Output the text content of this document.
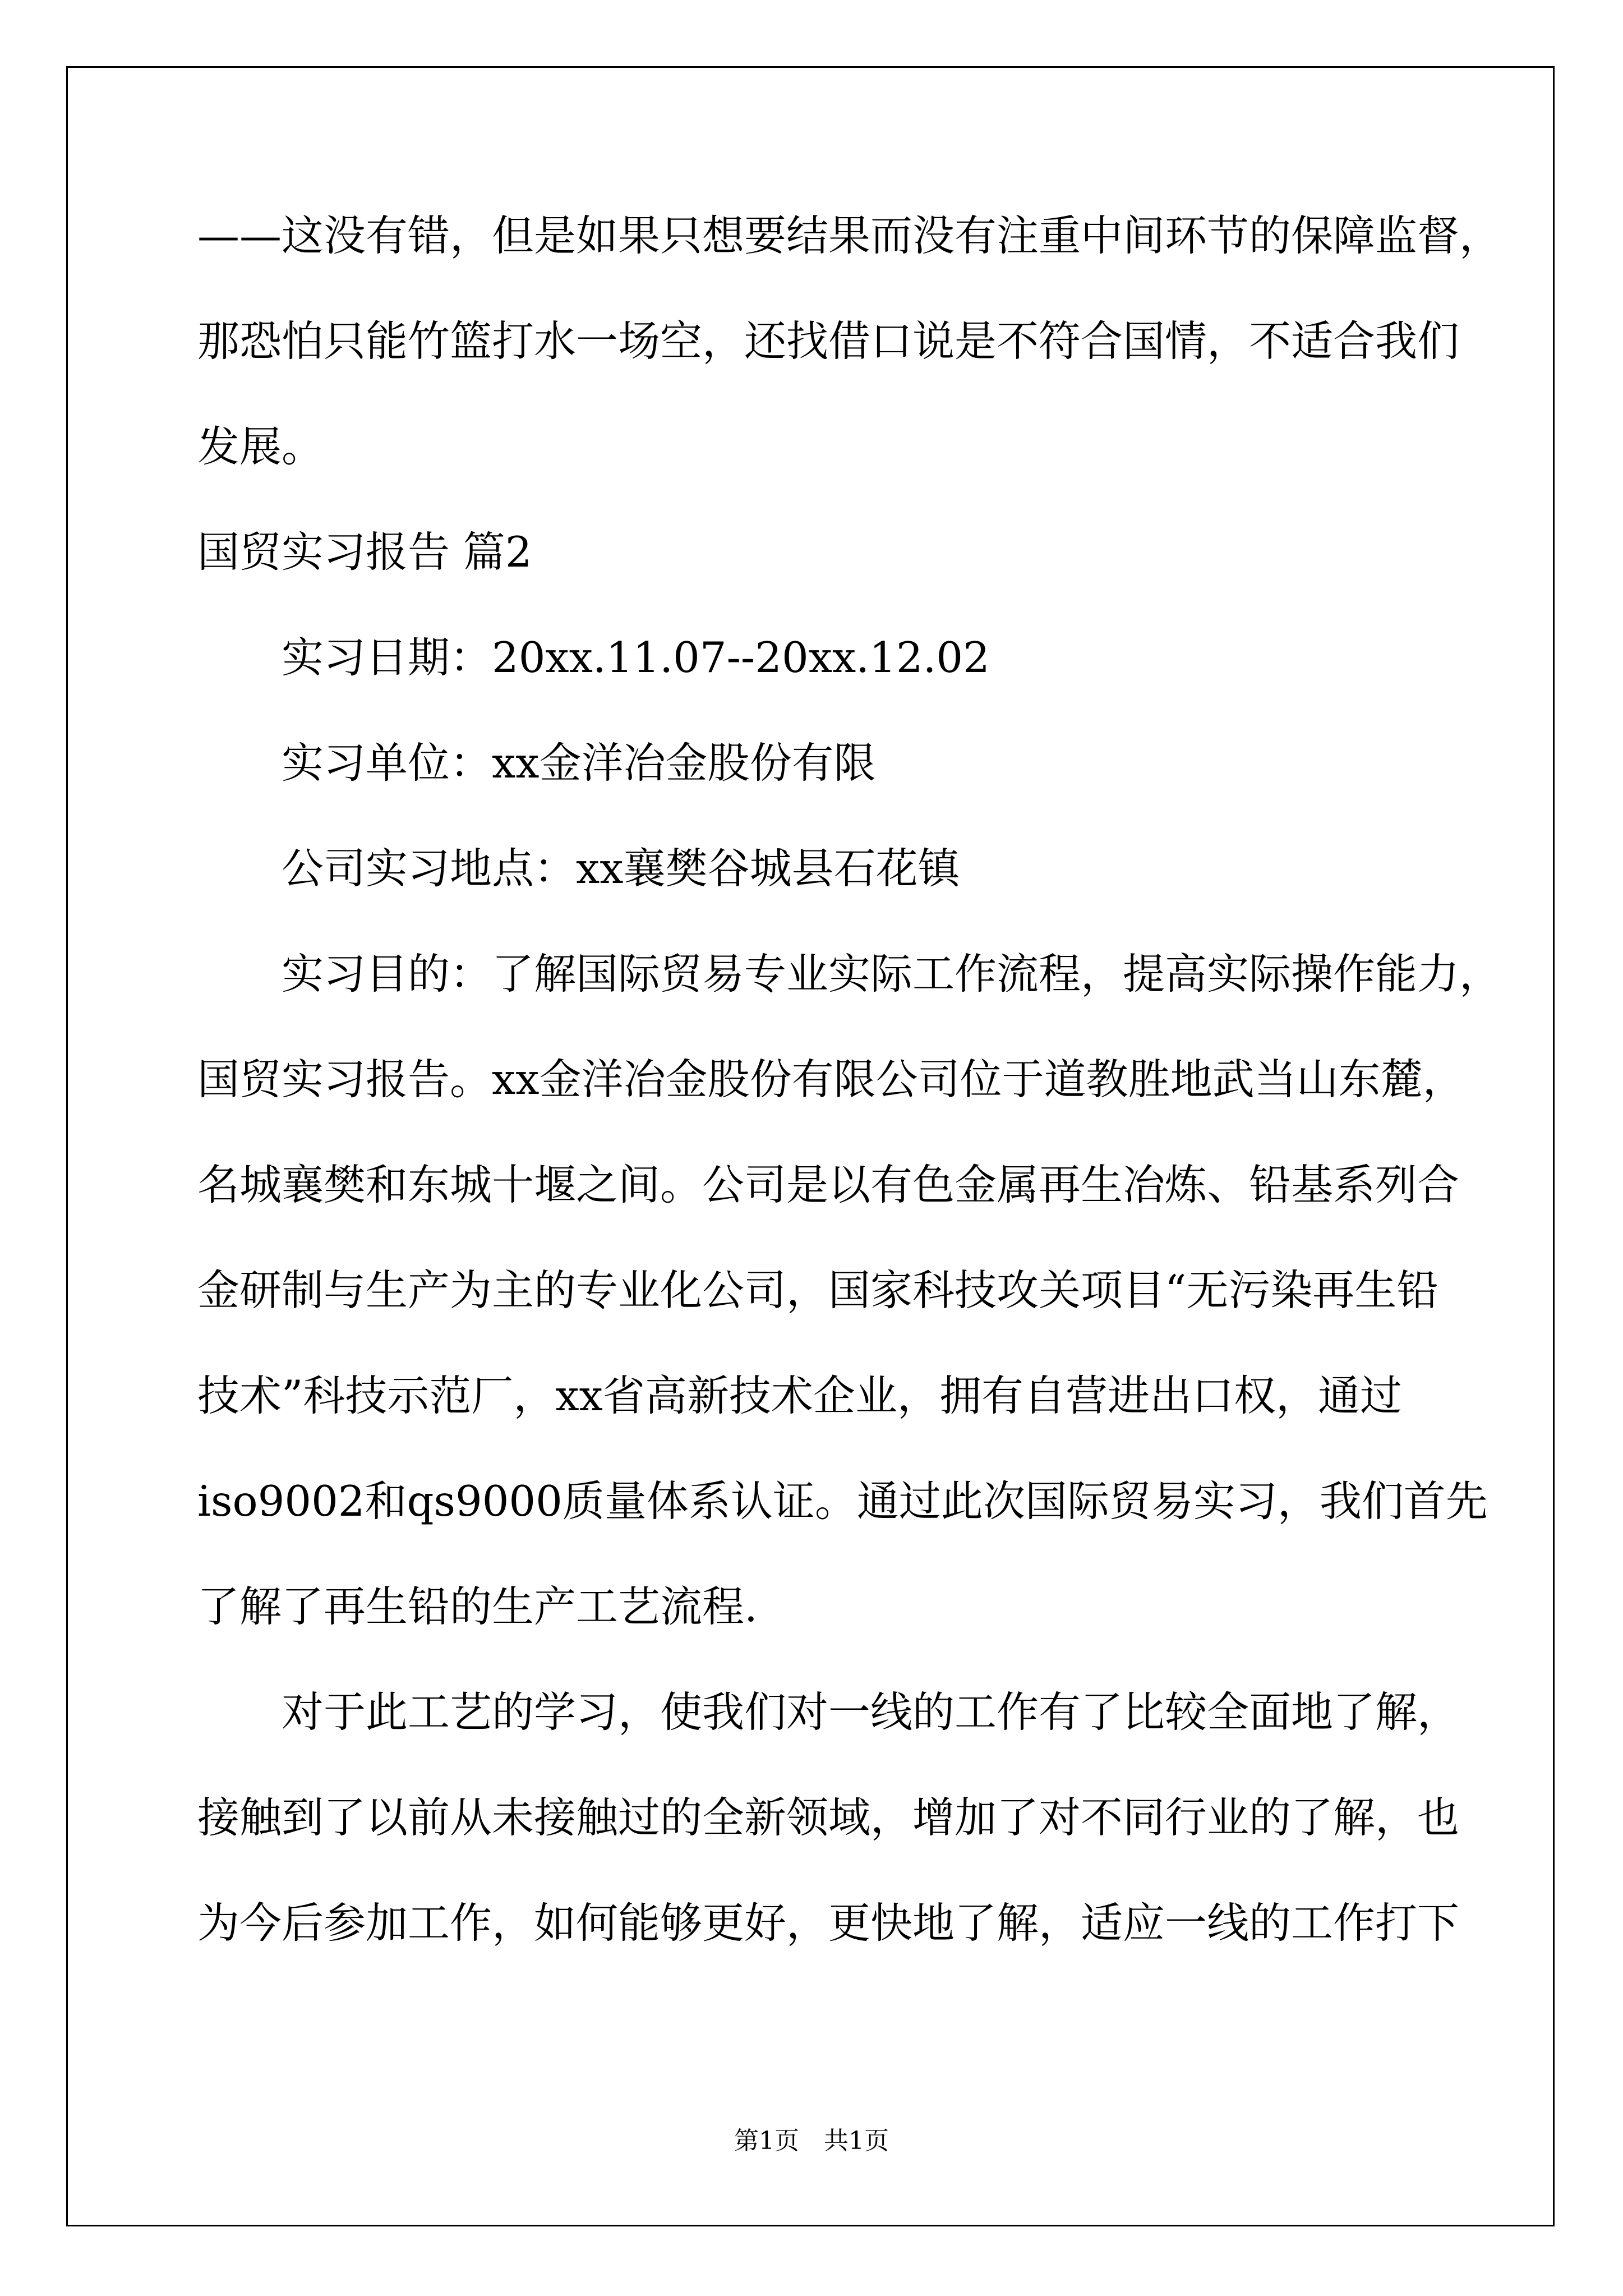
——这没有错，但是如果只想要结果而没有注重中间环节的保障监督，
那恐怕只能竹篮打水一场空，还找借口说是不符合国情，不适合我们
发展。
国贸实习报告 篇2
实习日期：20xx.11.07--20xx.12.02
实习单位：xx金洋冶金股份有限
公司实习地点：xx襄樊谷城县石花镇
实习目的：了解国际贸易专业实际工作流程，提高实际操作能力，
国贸实习报告。xx金洋冶金股份有限公司位于道教胜地武当山东麓，
名城襄樊和东城十堰之间。公司是以有色金属再生冶炼、铅基系列合
金研制与生产为主的专业化公司，国家科技攻关项目“无污染再生铅
技术”科技示范厂，xx省高新技术企业，拥有自营进出口权，通过
iso9002和qs9000质量体系认证。通过此次国际贸易实习，我们首先
了解了再生铅的生产工艺流程.
对于此工艺的学习，使我们对一线的工作有了比较全面地了解，
接触到了以前从未接触过的全新领域，增加了对不同行业的了解，也
为今后参加工作，如何能够更好，更快地了解，适应一线的工作打下
第1页　共1页
